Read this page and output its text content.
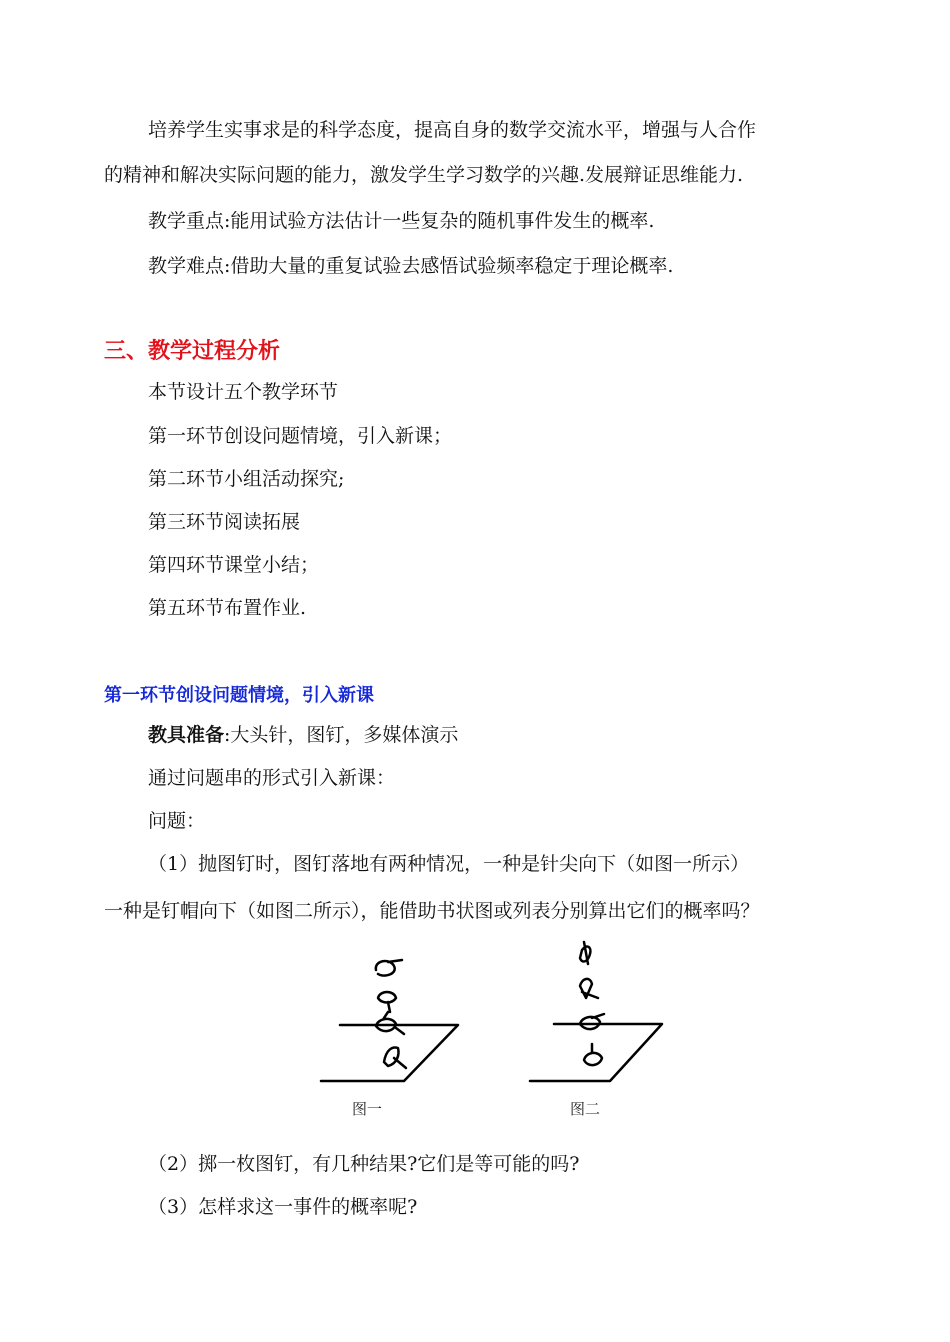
培养学生实事求是的科学态度，提高自身的数学交流水平，增强与人合作
的精神和解决实际问题的能力，激发学生学习数学的兴趣.发展辩证思维能力.
教学重点:能用试验方法估计一些复杂的随机事件发生的概率.
教学难点:借助大量的重复试验去感悟试验频率稳定于理论概率.
三、教学过程分析
本节设计五个教学环节
第一环节创设问题情境，引入新课；
第二环节小组活动探究;
第三环节阅读拓展
第四环节课堂小结；
第五环节布置作业.
第一环节创设问题情境，引入新课
教具准备:大头针，图钉，多媒体演示
通过问题串的形式引入新课：
问题：
（1）抛图钉时，图钉落地有两种情况，一种是针尖向下（如图一所示）
一种是钉帽向下（如图二所示），能借助书状图或列表分别算出它们的概率吗？
图一	图二
（2）掷一枚图钉，有几种结果?它们是等可能的吗?
（3）怎样求这一事件的概率呢?
